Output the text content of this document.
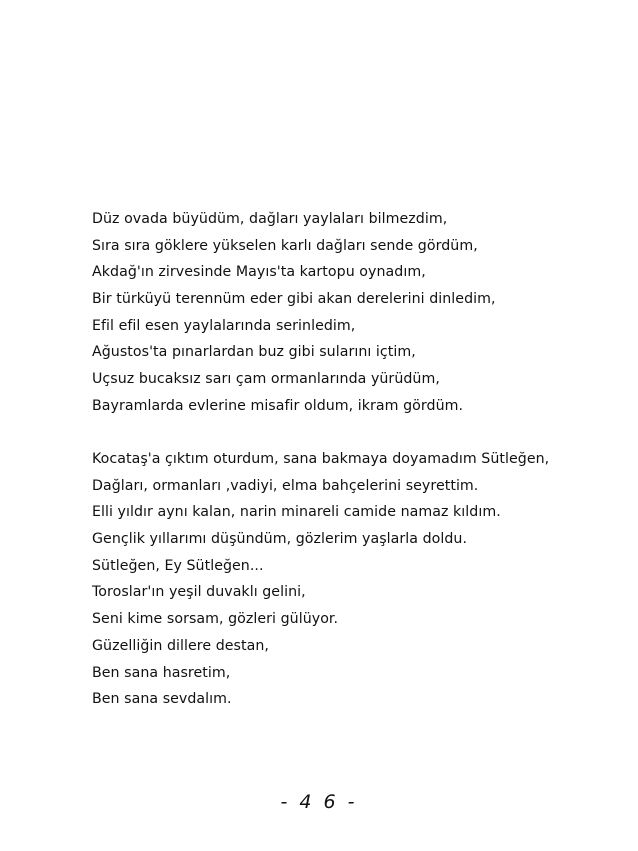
Düz ovada büyüdüm, dağları yaylaları bilmezdim,
Sıra sıra göklere yükselen karlı dağları sende gördüm,
Akdağ'ın zirvesinde Mayıs'ta kartopu oynadım,
Bir türküyü terennüm eder gibi akan derelerini dinledim,
Efil efil esen yaylalarında serinledim,
Ağustos'ta pınarlardan buz gibi sularını içtim,
Uçsuz bucaksız sarı çam ormanlarında yürüdüm,
Bayramlarda evlerine misafir oldum, ikram gördüm.
Kocataş'a çıktım oturdum, sana bakmaya doyamadım Sütleğen,
Dağları, ormanları ,vadiyi, elma bahçelerini seyrettim.
Elli yıldır aynı kalan, narin minareli camide namaz kıldım.
Gençlik yıllarımı düşündüm, gözlerim yaşlarla doldu.
Sütleğen, Ey Sütleğen...
Toroslar'ın yeşil duvaklı gelini,
Seni kime sorsam, gözleri gülüyor.
Güzelliğin dillere destan,
Ben sana hasretim,
Ben sana sevdalım.
- 4 6 -
